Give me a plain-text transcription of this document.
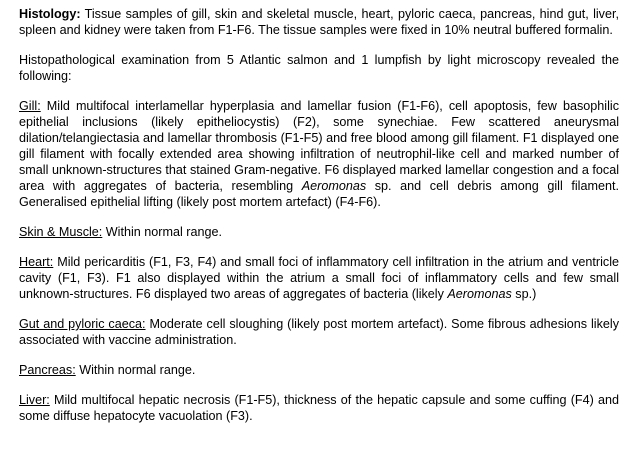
Histology: Tissue samples of gill, skin and skeletal muscle, heart, pyloric caeca, pancreas, hind gut, liver, spleen and kidney were taken from F1-F6. The tissue samples were fixed in 10% neutral buffered formalin.

Histopathological examination from 5 Atlantic salmon and 1 lumpfish by light microscopy revealed the following:

Gill: Mild multifocal interlamellar hyperplasia and lamellar fusion (F1-F6), cell apoptosis, few basophilic epithelial inclusions (likely epitheliocystis) (F2), some synechiae. Few scattered aneurysmal dilation/telangiectasia and lamellar thrombosis (F1-F5) and free blood among gill filament. F1 displayed one gill filament with focally extended area showing infiltration of neutrophil-like cell and marked number of small unknown-structures that stained Gram-negative. F6 displayed marked lamellar congestion and a focal area with aggregates of bacteria, resembling Aeromonas sp. and cell debris among gill filament. Generalised epithelial lifting (likely post mortem artefact) (F4-F6).

Skin & Muscle: Within normal range.

Heart: Mild pericarditis (F1, F3, F4) and small foci of inflammatory cell infiltration in the atrium and ventricle cavity (F1, F3). F1 also displayed within the atrium a small foci of inflammatory cells and few small unknown-structures. F6 displayed two areas of aggregates of bacteria (likely Aeromonas sp.)

Gut and pyloric caeca: Moderate cell sloughing (likely post mortem artefact). Some fibrous adhesions likely associated with vaccine administration.

Pancreas: Within normal range.

Liver: Mild multifocal hepatic necrosis (F1-F5), thickness of the hepatic capsule and some cuffing (F4) and some diffuse hepatocyte vacuolation (F3).
